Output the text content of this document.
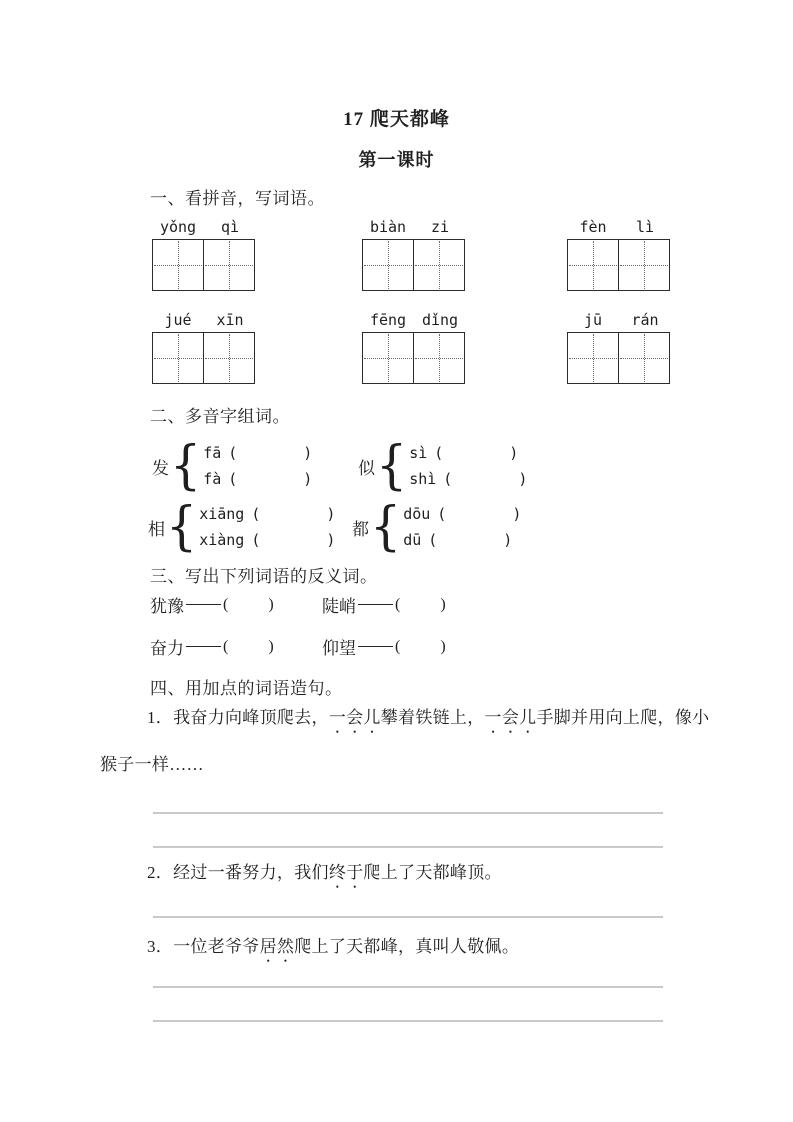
17 爬天都峰
第一课时
一、看拼音，写词语。
yǒng	qì	biàn	zi	fèn	lì
jué	xīn	fēng	dǐng	jū	rán
二、多音字组词。
发 { fā (	)
fà (	)
似 { sì (	)
shì (	)
相 { xiāng (	)
xiàng (	)
都 { dōu (	)
dū (	)
三、写出下列词语的反义词。
犹豫 (	)	陡峭 (	)
奋力 (	)	仰望 (	)
四、用加点的词语造句。
1．我奋力向峰顶爬去，一会儿攀着铁链上，一会儿手脚并用向上爬，像小
猴子一样……
2．经过一番努力，我们终于爬上了天都峰顶。
3．一位老爷爷居然爬上了天都峰，真叫人敬佩。
